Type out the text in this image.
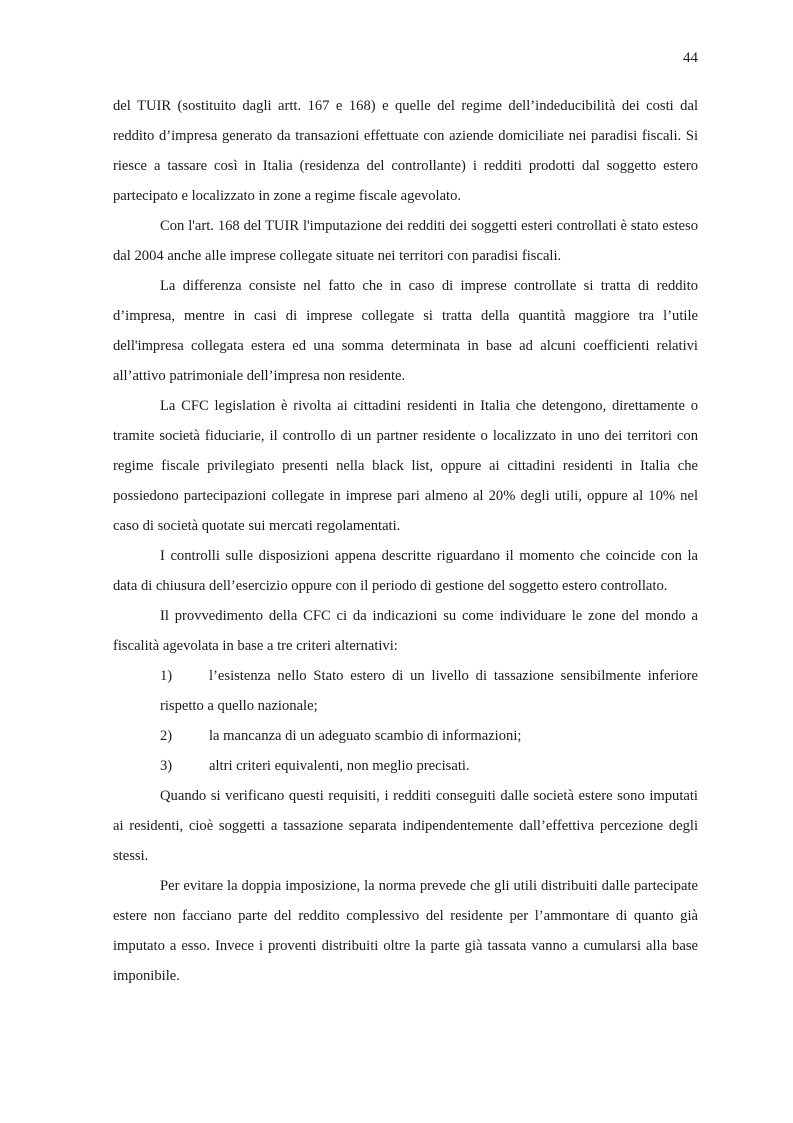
44

del TUIR (sostituito dagli artt. 167 e 168) e quelle del regime dell’indeducibilità dei costi dal reddito d’impresa generato da transazioni effettuate con aziende domiciliate nei paradisi fiscali. Si riesce a tassare così in Italia (residenza del controllante) i redditi prodotti dal soggetto estero partecipato e localizzato in zone a regime fiscale agevolato.

Con l'art. 168 del TUIR l'imputazione dei redditi dei soggetti esteri controllati è stato esteso dal 2004 anche alle imprese collegate situate nei territori con paradisi fiscali.

La differenza consiste nel fatto che in caso di imprese controllate si tratta di reddito d’impresa, mentre in casi di imprese collegate si tratta della quantità maggiore tra l’utile dell'impresa collegata estera ed una somma determinata in base ad alcuni coefficienti relativi all’attivo patrimoniale dell’impresa non residente.

La CFC legislation è rivolta ai cittadini residenti in Italia che detengono, direttamente o tramite società fiduciarie, il controllo di un partner residente o localizzato in uno dei territori con regime fiscale privilegiato presenti nella black list, oppure ai cittadini residenti in Italia che possiedono partecipazioni collegate in imprese pari almeno al 20% degli utili, oppure al 10% nel caso di società quotate sui mercati regolamentati.

I controlli sulle disposizioni appena descritte riguardano il momento che coincide con la data di chiusura dell’esercizio oppure con il periodo di gestione del soggetto estero controllato.

Il provvedimento della CFC ci da indicazioni su come individuare le zone del mondo a fiscalità agevolata in base a tre criteri alternativi:

1)	l’esistenza nello Stato estero di un livello di tassazione sensibilmente inferiore rispetto a quello nazionale;
2)	la mancanza di un adeguato scambio di informazioni;
3)	altri criteri equivalenti, non meglio precisati.

Quando si verificano questi requisiti, i redditi conseguiti dalle società estere sono imputati ai residenti, cioè soggetti a tassazione separata indipendentemente dall’effettiva percezione degli stessi.

Per evitare la doppia imposizione, la norma prevede che gli utili distribuiti dalle partecipate estere non facciano parte del reddito complessivo del residente per l’ammontare di quanto già imputato a esso. Invece i proventi distribuiti oltre la parte già tassata vanno a cumularsi alla base imponibile.
